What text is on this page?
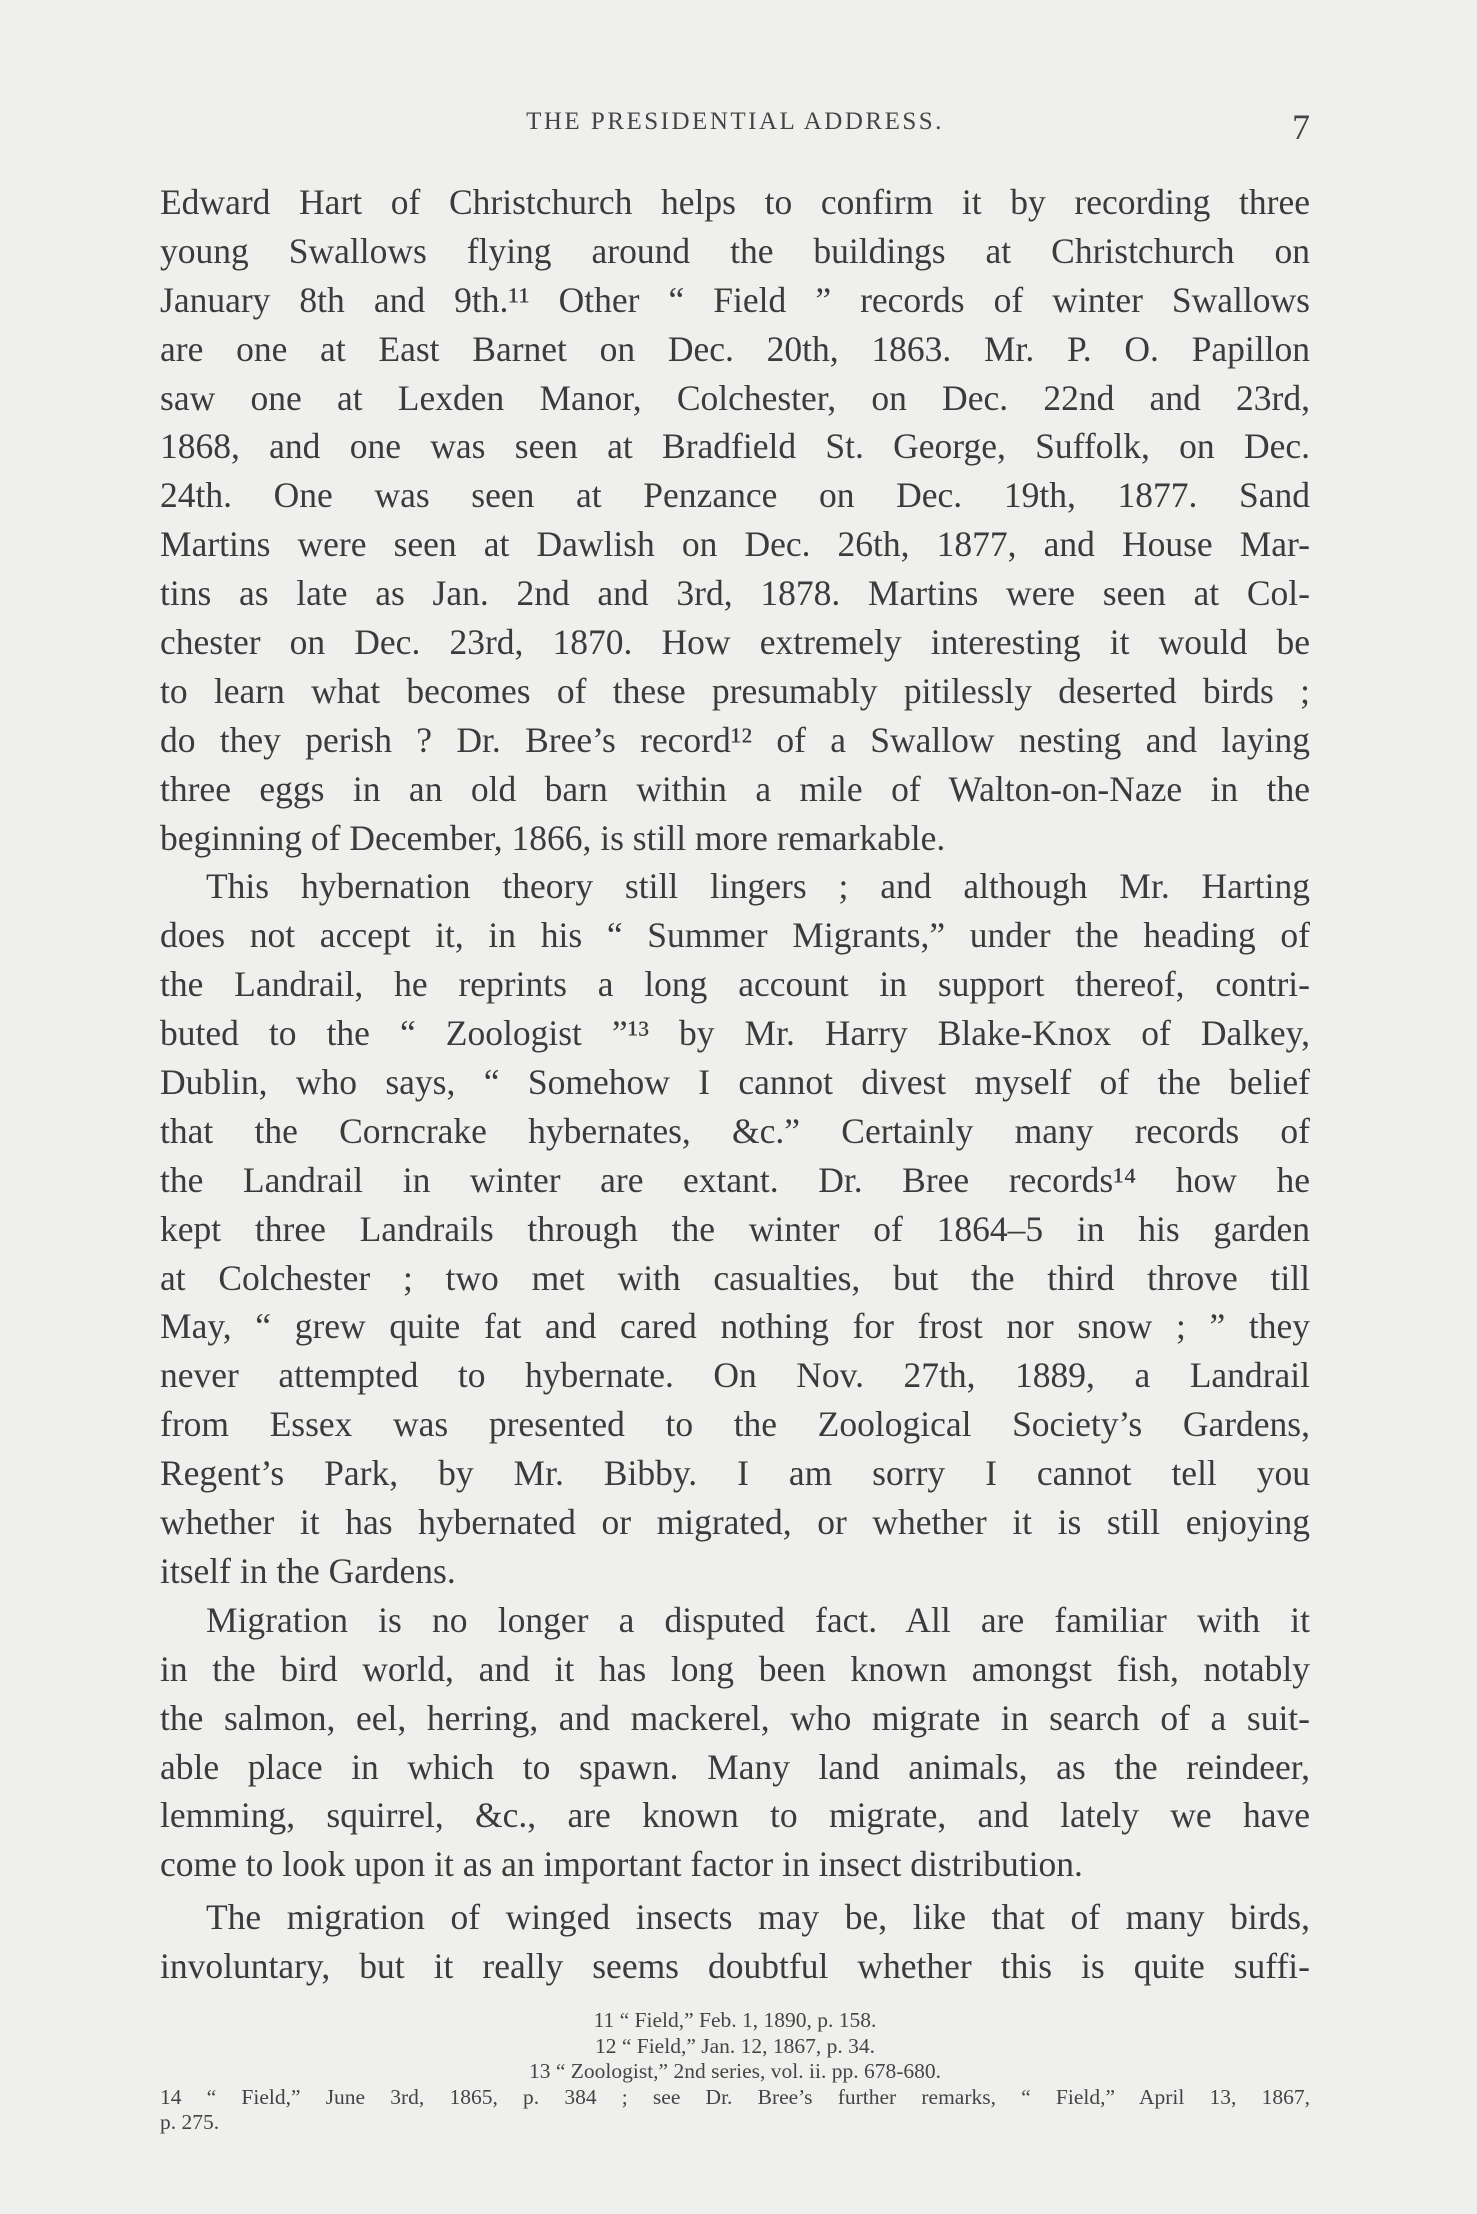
THE PRESIDENTIAL ADDRESS.	7
Edward Hart of Christchurch helps to confirm it by recording three
young Swallows flying around the buildings at Christchurch on
January 8th and 9th.¹¹ Other “ Field ” records of winter Swallows
are one at East Barnet on Dec. 20th, 1863. Mr. P. O. Papillon
saw one at Lexden Manor, Colchester, on Dec. 22nd and 23rd,
1868, and one was seen at Bradfield St. George, Suffolk, on Dec.
24th. One was seen at Penzance on Dec. 19th, 1877. Sand
Martins were seen at Dawlish on Dec. 26th, 1877, and House Mar-
tins as late as Jan. 2nd and 3rd, 1878. Martins were seen at Col-
chester on Dec. 23rd, 1870. How extremely interesting it would be
to learn what becomes of these presumably pitilessly deserted birds ;
do they perish ? Dr. Bree’s record¹² of a Swallow nesting and laying
three eggs in an old barn within a mile of Walton-on-Naze in the
beginning of December, 1866, is still more remarkable.
This hybernation theory still lingers ; and although Mr. Harting
does not accept it, in his “ Summer Migrants,” under the heading of
the Landrail, he reprints a long account in support thereof, contri-
buted to the “ Zoologist ”¹³ by Mr. Harry Blake-Knox of Dalkey,
Dublin, who says, “ Somehow I cannot divest myself of the belief
that the Corncrake hybernates, &c.” Certainly many records of
the Landrail in winter are extant. Dr. Bree records¹⁴ how he
kept three Landrails through the winter of 1864–5 in his garden
at Colchester ; two met with casualties, but the third throve till
May, “ grew quite fat and cared nothing for frost nor snow ; ” they
never attempted to hybernate. On Nov. 27th, 1889, a Landrail
from Essex was presented to the Zoological Society’s Gardens,
Regent’s Park, by Mr. Bibby. I am sorry I cannot tell you
whether it has hybernated or migrated, or whether it is still enjoying
itself in the Gardens.
Migration is no longer a disputed fact. All are familiar with it
in the bird world, and it has long been known amongst fish, notably
the salmon, eel, herring, and mackerel, who migrate in search of a suit-
able place in which to spawn. Many land animals, as the reindeer,
lemming, squirrel, &c., are known to migrate, and lately we have
come to look upon it as an important factor in insect distribution.
The migration of winged insects may be, like that of many birds,
involuntary, but it really seems doubtful whether this is quite suffi-
11 “ Field,” Feb. 1, 1890, p. 158.
12 “ Field,” Jan. 12, 1867, p. 34.
13 “ Zoologist,” 2nd series, vol. ii. pp. 678-680.
14 “ Field,” June 3rd, 1865, p. 384 ; see Dr. Bree’s further remarks, “ Field,” April 13, 1867,
p. 275.
